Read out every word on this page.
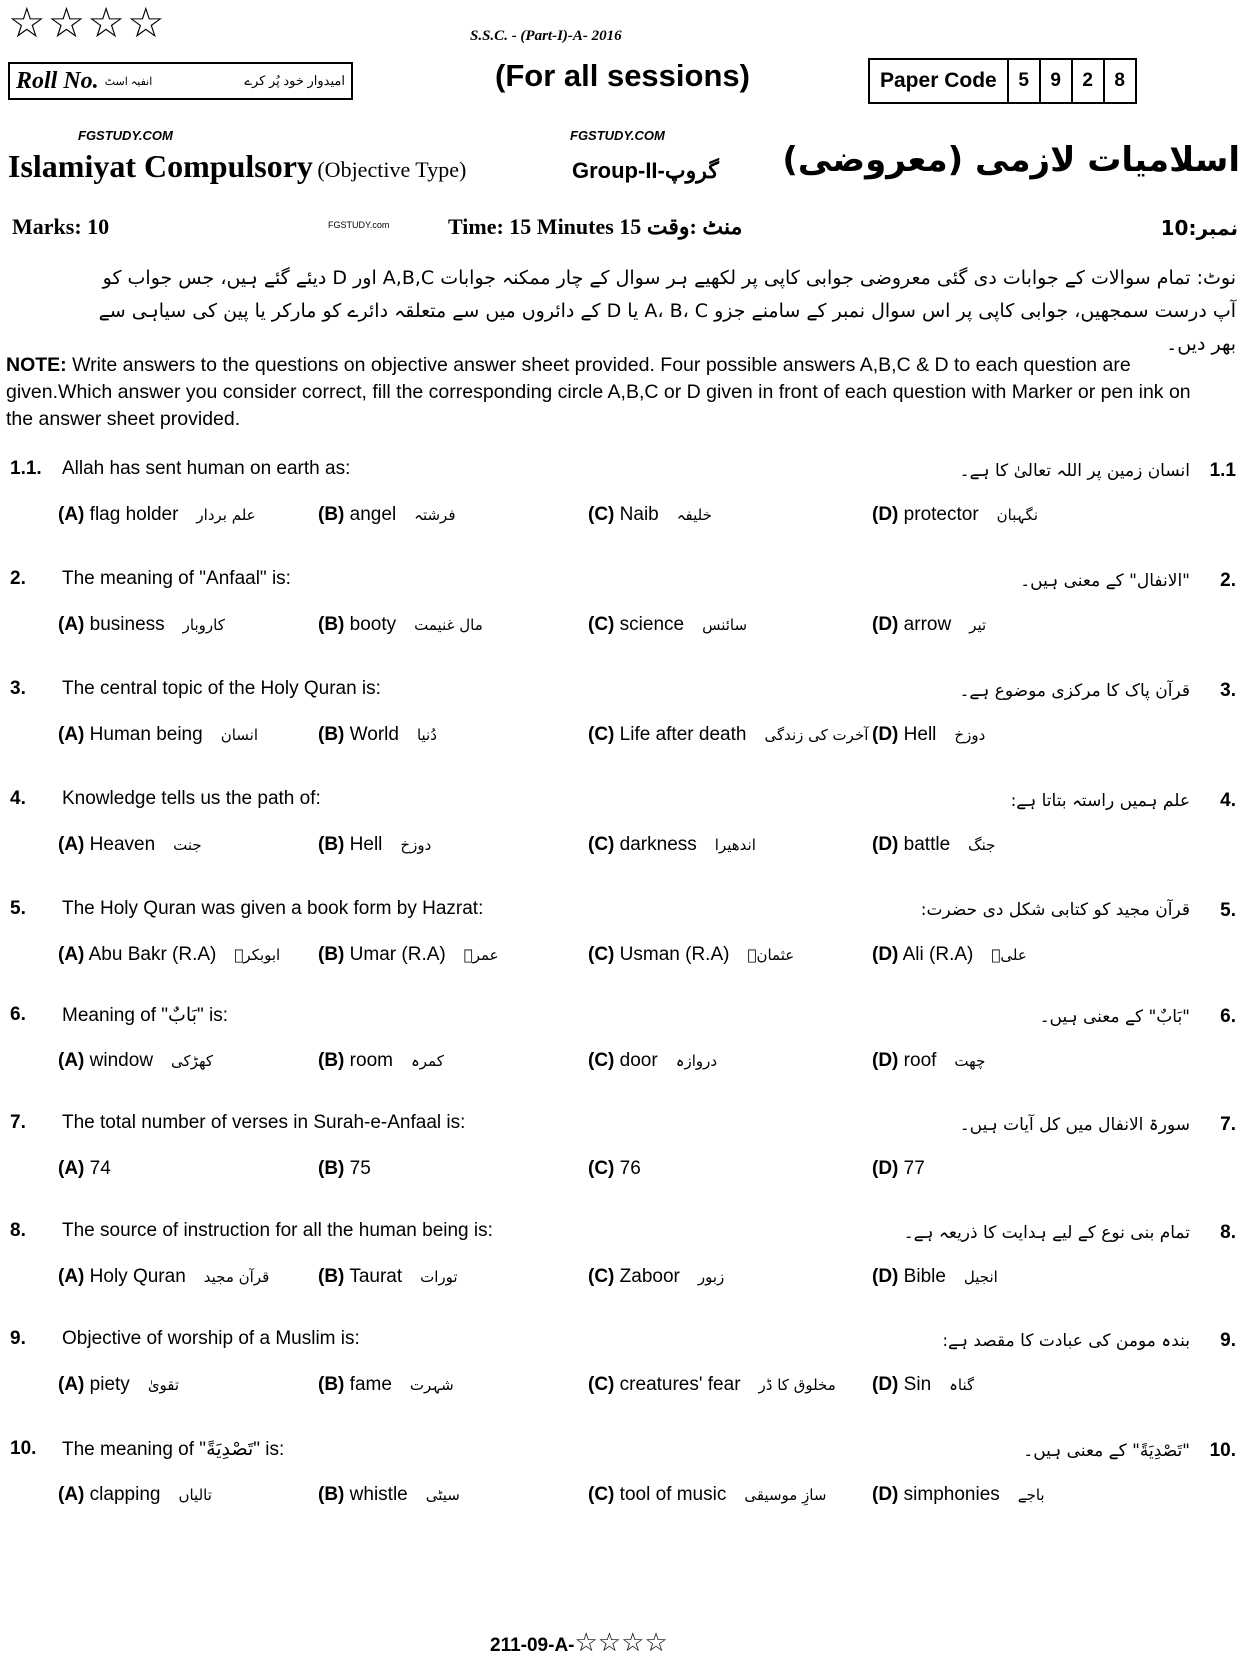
☆☆☆☆
Roll No. انفیہ اسٹ	امیدوار خود پُر کرے
S.S.C. - (Part-I)-A- 2016
(For all sessions)	Paper Code	5	9	2	8
FGSTUDY.COM	FGSTUDY.COM
FGSTUDY.com
Islamiyat Compulsory (Objective Type)	Group-II-گروپ اسلامیات لازمی (معروضی)
Marks: 10	Time: 15 Minutes 15 منٹ :وقت	نمبر:10
نوٹ: تمام سوالات کے جوابات دی گئی معروضی جوابی کاپی پر لکھیے ہر سوال کے چار ممکنہ جوابات A,B,C اور D دیئے گئے ہیں، جس جواب کو آپ درست سمجھیں، جوابی کاپی پر اس سوال نمبر کے سامنے جزو A، B، C یا D کے دائروں میں سے متعلقہ دائرے کو مارکر یا پین کی سیاہی سے بھر دیں۔
NOTE: Write answers to the questions on objective answer sheet provided. Four possible answers A,B,C & D to each question are given.Which answer you consider correct, fill the corresponding circle A,B,C or D given in front of each question with Marker or pen ink on the answer sheet provided.
1.1. Allah has sent human on earth as:	انسان زمین پر اللہ تعالیٰ کا ہے۔ 1.1
(A) flag holder علم بردار	(B) angel فرشتہ	(C) Naib خلیفہ	(D) protector نگہبان
2. The meaning of "Anfaal" is:	"الانفال" کے معنی ہیں۔ 2.
(A) business کاروبار	(B) booty مال غنیمت	(C) science سائنس	(D) arrow تیر
3. The central topic of the Holy Quran is:	قرآن پاک کا مرکزی موضوع ہے۔ 3.
(A) Human being انسان	(B) World دُنیا	(C) Life after death آخرت کی زندگی (D) Hell دوزخ
4. Knowledge tells us the path of:	علم ہمیں راستہ بتاتا ہے: 4.
(A) Heaven جنت	(B) Hell دوزخ	(C) darkness اندھیرا	(D) battle جنگ
5. The Holy Quran was given a book form by Hazrat:	قرآن مجید کو کتابی شکل دی حضرت: 5.
(A) Abu Bakr (R.A) ابوبکرؓ (B) Umar (R.A) عمرؓ	(C) Usman (R.A) عثمانؓ	(D) Ali (R.A) علیؓ
6. Meaning of "بَابٌ" is:	"بَابٌ" کے معنی ہیں۔ 6.
(A) window کھڑکی	(B) room کمرہ	(C) door دروازہ	(D) roof چھت
7. The total number of verses in Surah-e-Anfaal is:	سورۃ الانفال میں کل آیات ہیں۔ 7.
(A) 74	(B) 75	(C) 76	(D) 77
8. The source of instruction for all the human being is:	تمام بنی نوع کے لیے ہدایت کا ذریعہ ہے۔ 8.
(A) Holy Quran قرآن مجید	(B) Taurat تورات	(C) Zaboor زبور	(D) Bible انجیل
9. Objective of worship of a Muslim is:	بندہ مومن کی عبادت کا مقصد ہے: 9.
(A) piety تقویٰ	(B) fame شہرت	(C) creatures' fear مخلوق کا ڈر (D) Sin گناہ
10. The meaning of "تَصْدِيَةً" is:	"تَصْدِيَةً" کے معنی ہیں۔ 10.
(A) clapping تالیاں	(B) whistle سیٹی	(C) tool of music سازِ موسیقی (D) simphonies باجے
211-09-A-☆☆☆☆
